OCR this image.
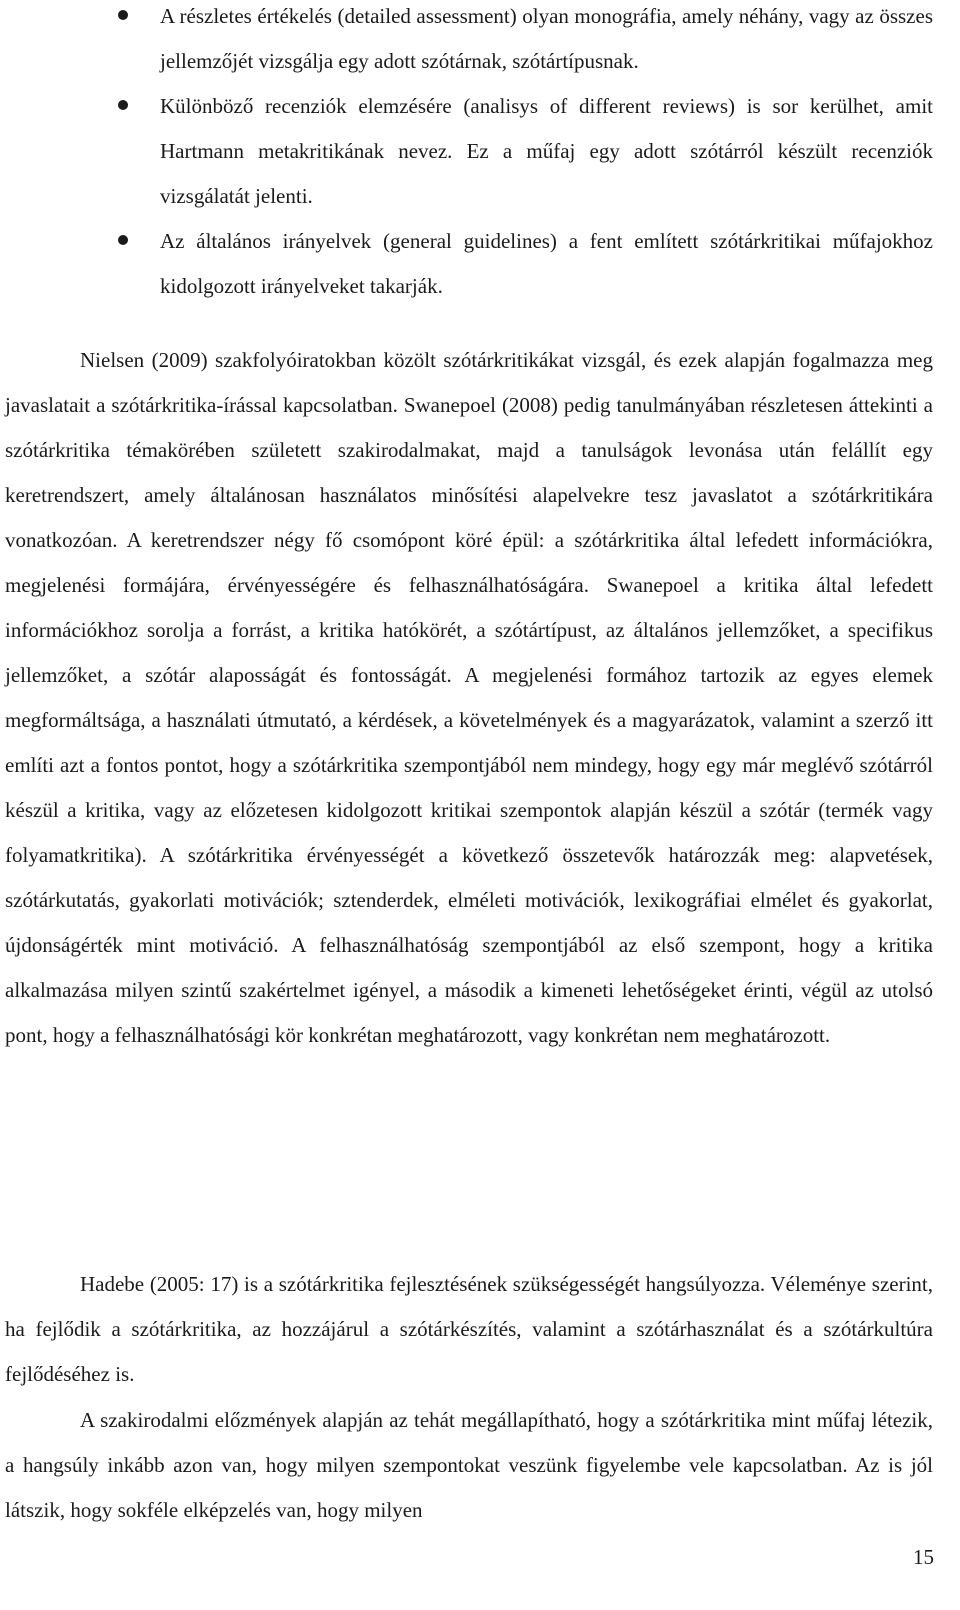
A részletes értékelés (detailed assessment) olyan monográfia, amely néhány, vagy az összes jellemzőjét vizsgálja egy adott szótárnak, szótártípusnak.
Különböző recenziók elemzésére (analisys of different reviews) is sor kerülhet, amit Hartmann metakritikának nevez. Ez a műfaj egy adott szótárról készült recenziók vizsgálatát jelenti.
Az általános irányelvek (general guidelines) a fent említett szótárkritikai műfajokhoz kidolgozott irányelveket takarják.

Nielsen (2009) szakfolyóiratokban közölt szótárkritikákat vizsgál, és ezek alapján fogalmazza meg javaslatait a szótárkritika-írással kapcsolatban. Swanepoel (2008) pedig tanulmányában részletesen áttekinti a szótárkritika témakörében született szakirodalmakat, majd a tanulságok levonása után felállít egy keretrendszert, amely általánosan használatos minősítési alapelvekre tesz javaslatot a szótárkritikára vonatkozóan. A keretrendszer négy fő csomópont köré épül: a szótárkritika által lefedett információkra, megjelenési formájára, érvényességére és felhasználhatóságára. Swanepoel a kritika által lefedett információkhoz sorolja a forrást, a kritika hatókörét, a szótártípust, az általános jellemzőket, a specifikus jellemzőket, a szótár alaposságát és fontosságát. A megjelenési formához tartozik az egyes elemek megformáltsága, a használati útmutató, a kérdések, a követelmények és a magyarázatok, valamint a szerző itt említi azt a fontos pontot, hogy a szótárkritika szempontjából nem mindegy, hogy egy már meglévő szótárról készül a kritika, vagy az előzetesen kidolgozott kritikai szempontok alapján készül a szótár (termék vagy folyamatkritika). A szótárkritika érvényességét a következő összetevők határozzák meg: alapvetések, szótárkutatás, gyakorlati motivációk; sztenderdek, elméleti motivációk, lexikográfiai elmélet és gyakorlat, újdonságérték mint motiváció. A felhasználhatóság szempontjából az első szempont, hogy a kritika alkalmazása milyen szintű szakértelmet igényel, a második a kimeneti lehetőségeket érinti, végül az utolsó pont, hogy a felhasználhatósági kör konkrétan meghatározott, vagy konkrétan nem meghatározott.

Hadebe (2005: 17) is a szótárkritika fejlesztésének szükségességét hangsúlyozza. Véleménye szerint, ha fejlődik a szótárkritika, az hozzájárul a szótárkészítés, valamint a szótárhasználat és a szótárkultúra fejlődéséhez is.

A szakirodalmi előzmények alapján az tehát megállapítható, hogy a szótárkritika mint műfaj létezik, a hangsúly inkább azon van, hogy milyen szempontokat veszünk figyelembe vele kapcsolatban. Az is jól látszik, hogy sokféle elképzelés van, hogy milyen

15
